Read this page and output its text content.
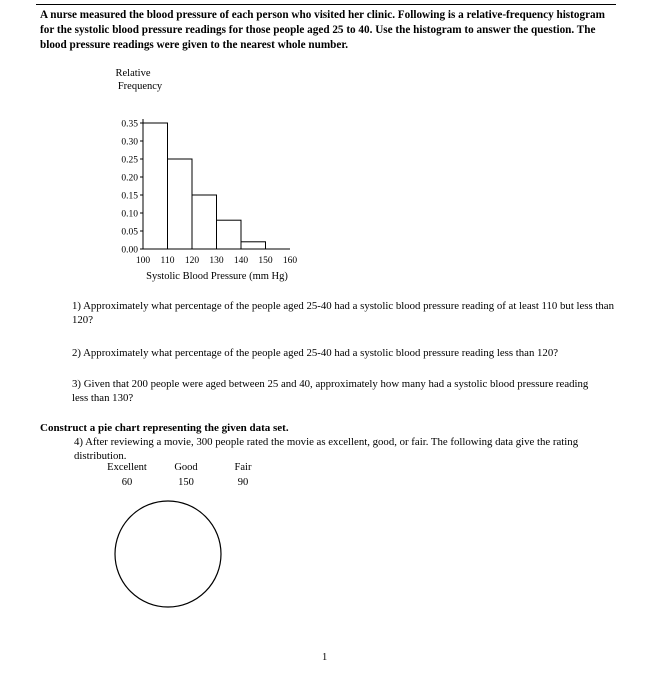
A nurse measured the blood pressure of each person who visited her clinic. Following is a relative-frequency histogram for the systolic blood pressure readings for those people aged 25 to 40. Use the histogram to answer the question. The blood pressure readings were given to the nearest whole number.
Relative
Frequency
0.00
0.05
0.10
0.15
0.20
0.25
0.30
0.35
100 110 120 130 140 150 160
Systolic Blood Pressure (mm Hg)
1) Approximately what percentage of the people aged 25-40 had a systolic blood pressure reading of at least 110 but less than 120?
2) Approximately what percentage of the people aged 25-40 had a systolic blood pressure reading less than 120?
3) Given that 200 people were aged between 25 and 40, approximately how many had a systolic blood pressure reading less than 130?
Construct a pie chart representing the given data set.
4) After reviewing a movie, 300 people rated the movie as excellent, good, or fair. The following data give the rating distribution.
Excellent	Good	Fair
60	150	90
1
